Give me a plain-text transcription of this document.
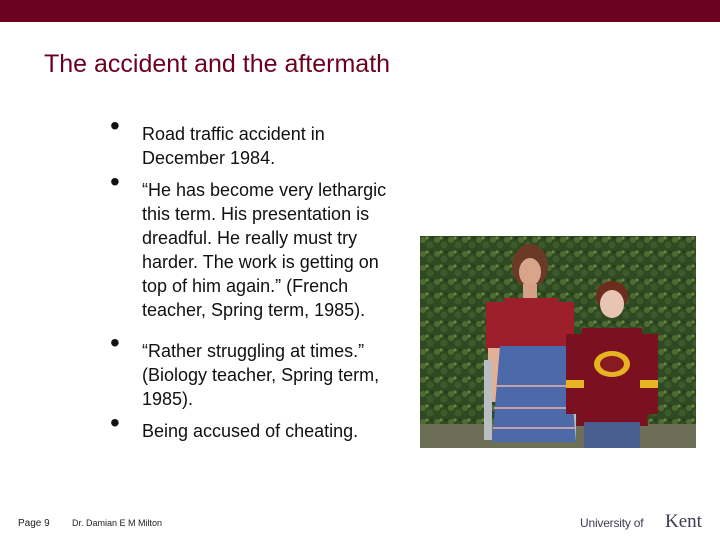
The accident and the aftermath
• Road traffic accident in December 1984.
• “He has become very lethargic this term. His presentation is dreadful. He really must try harder. The work is getting on top of him again.” (French teacher, Spring term, 1985).
• “Rather struggling at times.” (Biology teacher, Spring term, 1985).
• Being accused of cheating.
Page 9 Dr. Damian E M Milton	University of Kent
